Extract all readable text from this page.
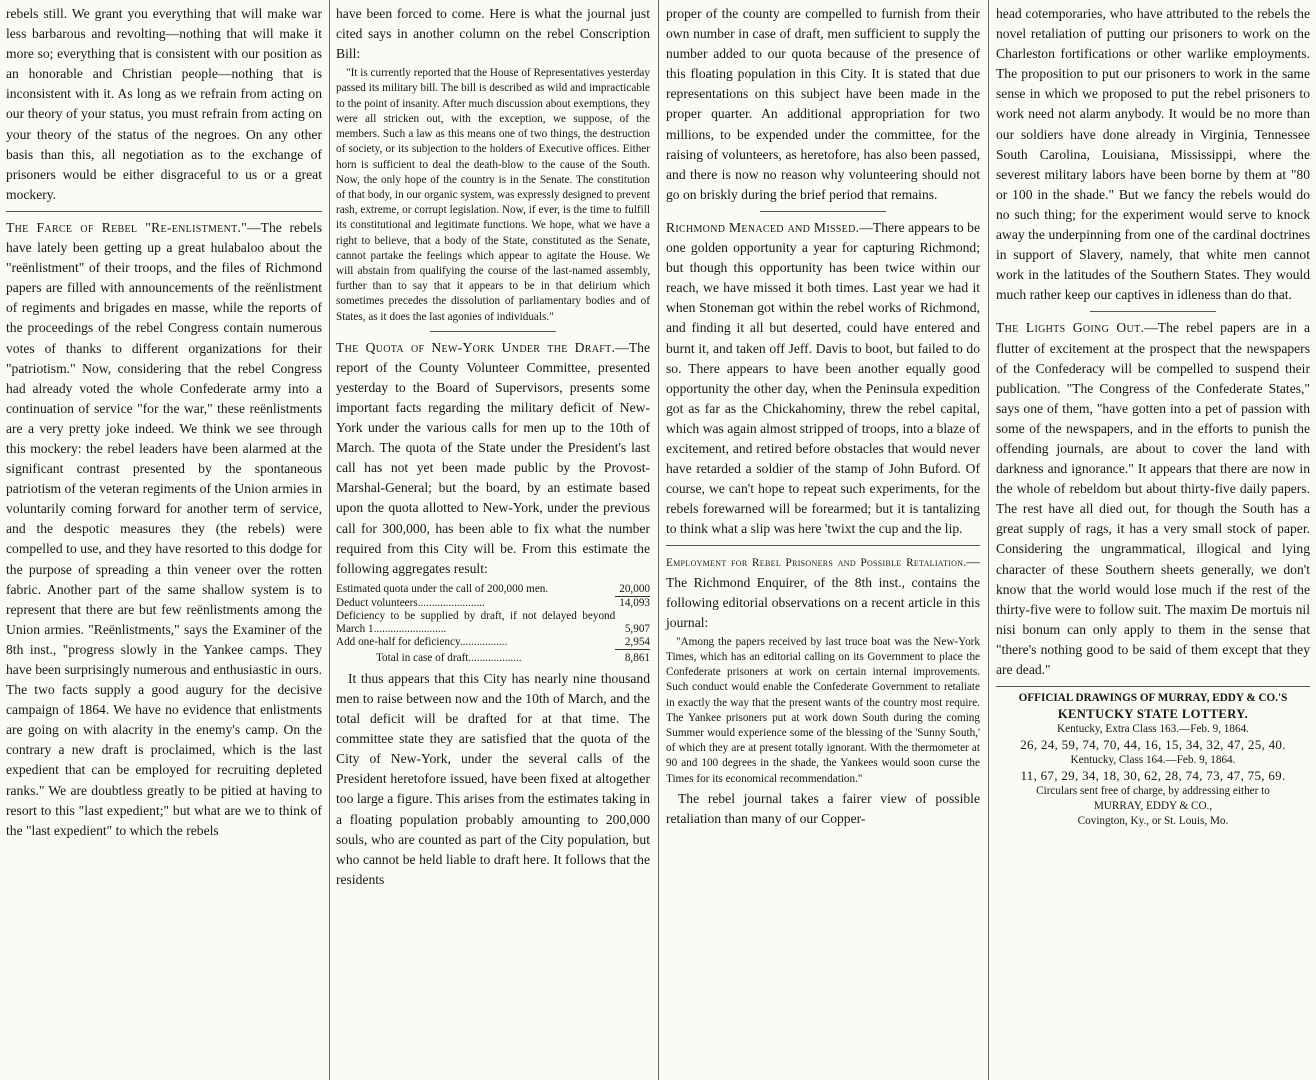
rebels still. We grant you everything that will make war less barbarous and revolting—nothing that will make it more so; everything that is consistent with our position as an honorable and Christian people—nothing that is inconsistent with it. As long as we refrain from acting on our theory of your status, you must refrain from acting on your theory of the status of the negroes. On any other basis than this, all negotiation as to the exchange of prisoners would be either disgraceful to us or a great mockery.

The Farce of Rebel "Re-enlistment."—The rebels have lately been getting up a great hulabaloo about the "reënlistment" of their troops, and the files of Richmond papers are filled with announcements of the reënlistment of regiments and brigades en masse, while the reports of the proceedings of the rebel Congress contain numerous votes of thanks to different organizations for their "patriotism." Now, considering that the rebel Congress had already voted the whole Confederate army into a continuation of service "for the war," these reënlistments are a very pretty joke indeed. We think we see through this mockery: the rebel leaders have been alarmed at the significant contrast presented by the spontaneous patriotism of the veteran regiments of the Union armies in voluntarily coming forward for another term of service, and the despotic measures they (the rebels) were compelled to use, and they have resorted to this dodge for the purpose of spreading a thin veneer over the rotten fabric. Another part of the same shallow system is to represent that there are but few reënlistments among the Union armies. "Reënlistments," says the Examiner of the 8th inst., "progress slowly in the Yankee camps. They have been surprisingly numerous and enthusiastic in ours. The two facts supply a good augury for the decisive campaign of 1864. We have no evidence that enlistments are going on with alacrity in the enemy's camp. On the contrary a new draft is proclaimed, which is the last expedient that can be employed for recruiting depleted ranks." We are doubtless greatly to be pitied at having to resort to this "last expedient;" but what are we to think of the "last expedient" to which the rebels

have been forced to come. Here is what the journal just cited says in another column on the rebel Conscription Bill:

"It is currently reported that the House of Representatives yesterday passed its military bill. The bill is described as wild and impracticable to the point of insanity. After much discussion about exemptions, they were all stricken out, with the exception, we suppose, of the members. Such a law as this means one of two things, the destruction of society, or its subjection to the holders of Executive offices. Either horn is sufficient to deal the death-blow to the cause of the South. Now, the only hope of the country is in the Senate. The constitution of that body, in our organic system, was expressly designed to prevent rash, extreme, or corrupt legislation. Now, if ever, is the time to fulfill its constitutional and legitimate functions. We hope, what we have a right to believe, that a body of the State, constituted as the Senate, cannot partake the feelings which appear to agitate the House. We will abstain from qualifying the course of the last-named assembly, further than to say that it appears to be in that delirium which sometimes precedes the dissolution of parliamentary bodies and of States, as it does the last agonies of individuals."

The Quota of New-York Under the Draft.—The report of the County Volunteer Committee, presented yesterday to the Board of Supervisors, presents some important facts regarding the military deficit of New-York under the various calls for men up to the 10th of March. The quota of the State under the President's last call has not yet been made public by the Provost-Marshal-General; but the board, by an estimate based upon the quota allotted to New-York, under the previous call for 300,000, has been able to fix what the number required from this City will be. From this estimate the following aggregates result:

Estimated quota under the call of 200,000 men.	20,000
Deduct volunteers........................	14,093
Deficiency to be supplied by draft, if not delayed beyond March 1..........................	5,907
Add one-half for deficiency.................	2,954
Total in case of draft...................	8,861

It thus appears that this City has nearly nine thousand men to raise between now and the 10th of March, and the total deficit will be drafted for at that time. The committee state they are satisfied that the quota of the City of New-York, under the several calls of the President heretofore issued, have been fixed at altogether too large a figure. This arises from the estimates taking in a floating population probably amounting to 200,000 souls, who are counted as part of the City population, but who cannot be held liable to draft here. It follows that the residents

proper of the county are compelled to furnish from their own number in case of draft, men sufficient to supply the number added to our quota because of the presence of this floating population in this City. It is stated that due representations on this subject have been made in the proper quarter. An additional appropriation for two millions, to be expended under the committee, for the raising of volunteers, as heretofore, has also been passed, and there is now no reason why volunteering should not go on briskly during the brief period that remains.

Richmond Menaced and Missed.—There appears to be one golden opportunity a year for capturing Richmond; but though this opportunity has been twice within our reach, we have missed it both times. Last year we had it when Stoneman got within the rebel works of Richmond, and finding it all but deserted, could have entered and burnt it, and taken off Jeff. Davis to boot, but failed to do so. There appears to have been another equally good opportunity the other day, when the Peninsula expedition got as far as the Chickahominy, threw the rebel capital, which was again almost stripped of troops, into a blaze of excitement, and retired before obstacles that would never have retarded a soldier of the stamp of John Buford. Of course, we can't hope to repeat such experiments, for the rebels forewarned will be forearmed; but it is tantalizing to think what a slip was here 'twixt the cup and the lip.

Employment for Rebel Prisoners and Possible Retaliation.—The Richmond Enquirer, of the 8th inst., contains the following editorial observations on a recent article in this journal:

"Among the papers received by last truce boat was the New-York Times, which has an editorial calling on its Government to place the Confederate prisoners at work on certain internal improvements. Such conduct would enable the Confederate Government to retaliate in exactly the way that the present wants of the country most require. The Yankee prisoners put at work down South during the coming Summer would experience some of the blessing of the 'Sunny South,' of which they are at present totally ignorant. With the thermometer at 90 and 100 degrees in the shade, the Yankees would soon curse the Times for its economical recommendation."

The rebel journal takes a fairer view of possible retaliation than many of our Copper-

head cotemporaries, who have attributed to the rebels the novel retaliation of putting our prisoners to work on the Charleston fortifications or other warlike employments. The proposition to put our prisoners to work in the same sense in which we proposed to put the rebel prisoners to work need not alarm anybody. It would be no more than our soldiers have done already in Virginia, Tennessee South Carolina, Louisiana, Mississippi, where the severest military labors have been borne by them at "80 or 100 in the shade." But we fancy the rebels would do no such thing; for the experiment would serve to knock away the underpinning from one of the cardinal doctrines in support of Slavery, namely, that white men cannot work in the latitudes of the Southern States. They would much rather keep our captives in idleness than do that.

The Lights Going Out.—The rebel papers are in a flutter of excitement at the prospect that the newspapers of the Confederacy will be compelled to suspend their publication. "The Congress of the Confederate States," says one of them, "have gotten into a pet of passion with some of the newspapers, and in the efforts to punish the offending journals, are about to cover the land with darkness and ignorance." It appears that there are now in the whole of rebeldom but about thirty-five daily papers. The rest have all died out, for though the South has a great supply of rags, it has a very small stock of paper. Considering the ungrammatical, illogical and lying character of these Southern sheets generally, we don't know that the world would lose much if the rest of the thirty-five were to follow suit. The maxim De mortuis nil nisi bonum can only apply to them in the sense that "there's nothing good to be said of them except that they are dead."

OFFICIAL DRAWINGS OF MURRAY, EDDY & CO.'S
KENTUCKY STATE LOTTERY.
Kentucky, Extra Class 163.—Feb. 9, 1864.
26, 24, 59, 74, 70, 44, 16, 15, 34, 32, 47, 25, 40.
Kentucky, Class 164.—Feb. 9, 1864.
11, 67, 29, 34, 18, 30, 62, 28, 74, 73, 47, 75, 69.
Circulars sent free of charge, by addressing either to
MURRAY, EDDY & CO.,
Covington, Ky., or St. Louis, Mo.
